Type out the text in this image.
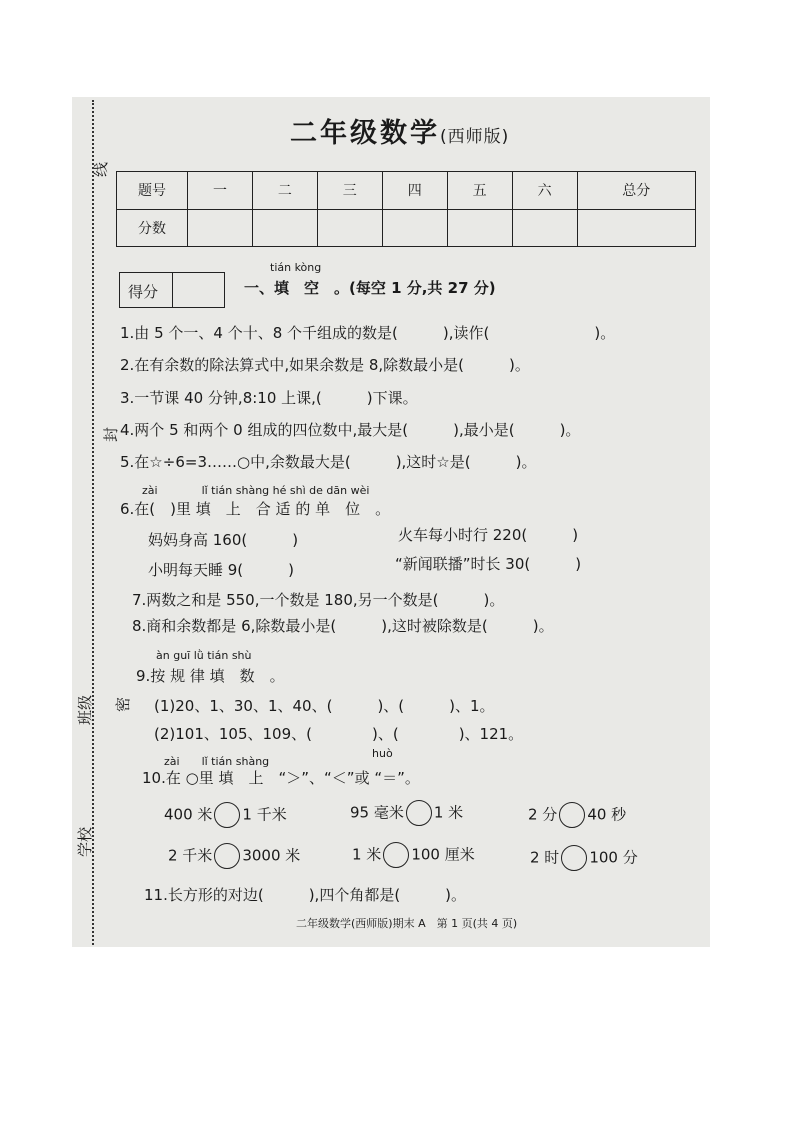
线
封
密
班级
学校
二年级数学(西师版)
题号	一	二	三	四	五	六	总分
分数							
得分
tián kòng
一、填　空　。(每空 1 分,共 27 分)
1.由 5 个一、4 个十、8 个千组成的数是(　　　),读作(　　　　　　　)。
2.在有余数的除法算式中,如果余数是 8,除数最小是(　　　)。
3.一节课 40 分钟,8:10 上课,(　　　)下课。
4.两个 5 和两个 0 组成的四位数中,最大是(　　　),最小是(　　　)。
5.在☆÷6=3……○中,余数最大是(　　　),这时☆是(　　　)。
zài　　　　lǐ tián shàng hé shì de dān wèi
6.在(　)里 填　上　合 适 的 单　位　。
妈妈身高 160(　　　)	火车每小时行 220(　　　)
小明每天睡 9(　　　)	“新闻联播”时长 30(　　　)
7.两数之和是 550,一个数是 180,另一个数是(　　　)。
8.商和余数都是 6,除数最小是(　　　),这时被除数是(　　　)。
àn guī lǜ tián shù
9.按 规 律 填　数　。
(1)20、1、30、1、40、(　　　)、(　　　)、1。
(2)101、105、109、(　　　　)、(　　　　)、121。
zài　　lǐ tián shàng
huò
10.在 ○里 填　上　“＞”、“＜”或 “＝”。
400 米 1 千米	95 毫米 1 米	2 分 40 秒
2 千米 3000 米	1 米 100 厘米	2 时 100 分
11.长方形的对边(　　　),四个角都是(　　　)。
二年级数学(西师版)期末 A　第 1 页(共 4 页)
